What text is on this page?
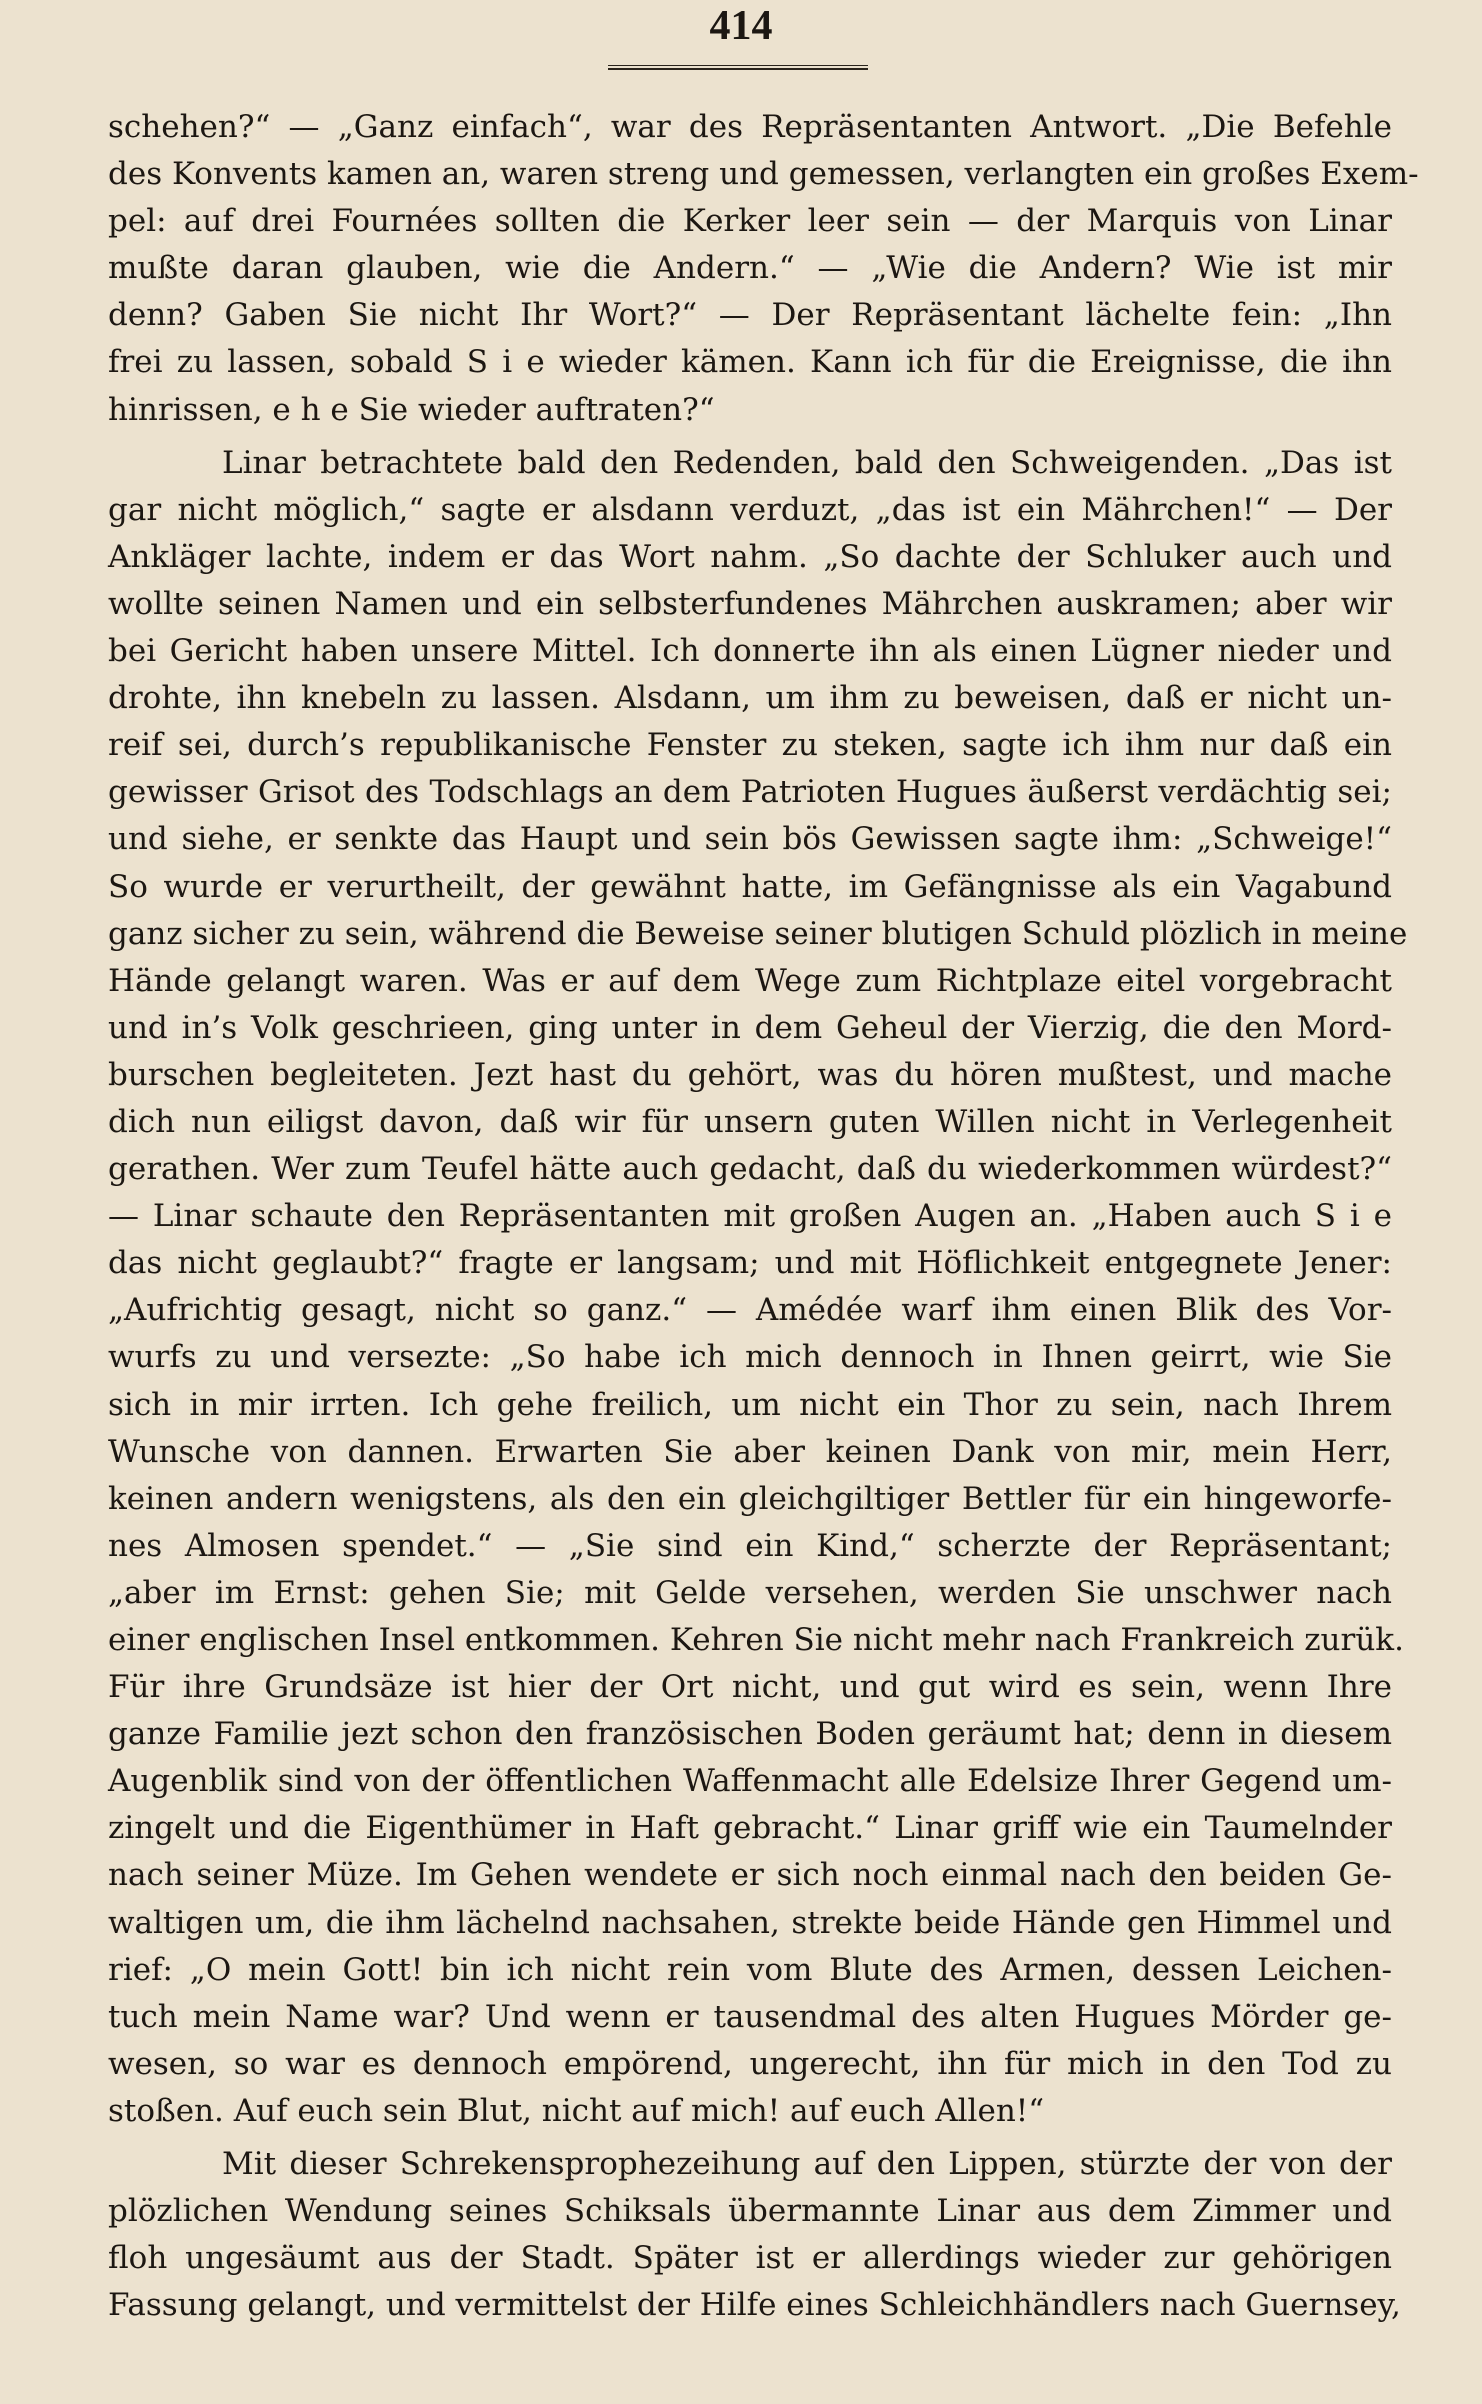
414
schehen?“ — „Ganz einfach“, war des Repräsentanten Antwort. „Die Befehle
des Konvents kamen an, waren streng und gemessen, verlangten ein großes Exem-
pel: auf drei Fournées sollten die Kerker leer sein — der Marquis von Linar
mußte daran glauben, wie die Andern.“ — „Wie die Andern? Wie ist mir
denn? Gaben Sie nicht Ihr Wort?“ — Der Repräsentant lächelte fein: „Ihn
frei zu lassen, sobald S i e wieder kämen. Kann ich für die Ereignisse, die ihn
hinrissen, e h e Sie wieder auftraten?“
Linar betrachtete bald den Redenden, bald den Schweigenden. „Das ist
gar nicht möglich,“ sagte er alsdann verduzt, „das ist ein Mährchen!“ — Der
Ankläger lachte, indem er das Wort nahm. „So dachte der Schluker auch und
wollte seinen Namen und ein selbsterfundenes Mährchen auskramen; aber wir
bei Gericht haben unsere Mittel. Ich donnerte ihn als einen Lügner nieder und
drohte, ihn knebeln zu lassen. Alsdann, um ihm zu beweisen, daß er nicht un-
reif sei, durch’s republikanische Fenster zu steken, sagte ich ihm nur daß ein
gewisser Grisot des Todschlags an dem Patrioten Hugues äußerst verdächtig sei;
und siehe, er senkte das Haupt und sein bös Gewissen sagte ihm: „Schweige!“
So wurde er verurtheilt, der gewähnt hatte, im Gefängnisse als ein Vagabund
ganz sicher zu sein, während die Beweise seiner blutigen Schuld plözlich in meine
Hände gelangt waren. Was er auf dem Wege zum Richtplaze eitel vorgebracht
und in’s Volk geschrieen, ging unter in dem Geheul der Vierzig, die den Mord-
burschen begleiteten. Jezt hast du gehört, was du hören mußtest, und mache
dich nun eiligst davon, daß wir für unsern guten Willen nicht in Verlegenheit
gerathen. Wer zum Teufel hätte auch gedacht, daß du wiederkommen würdest?“
— Linar schaute den Repräsentanten mit großen Augen an. „Haben auch S i e
das nicht geglaubt?“ fragte er langsam; und mit Höflichkeit entgegnete Jener:
„Aufrichtig gesagt, nicht so ganz.“ — Amédée warf ihm einen Blik des Vor-
wurfs zu und versezte: „So habe ich mich dennoch in Ihnen geirrt, wie Sie
sich in mir irrten. Ich gehe freilich, um nicht ein Thor zu sein, nach Ihrem
Wunsche von dannen. Erwarten Sie aber keinen Dank von mir, mein Herr,
keinen andern wenigstens, als den ein gleichgiltiger Bettler für ein hingeworfe-
nes Almosen spendet.“ — „Sie sind ein Kind,“ scherzte der Repräsentant;
„aber im Ernst: gehen Sie; mit Gelde versehen, werden Sie unschwer nach
einer englischen Insel entkommen. Kehren Sie nicht mehr nach Frankreich zurük.
Für ihre Grundsäze ist hier der Ort nicht, und gut wird es sein, wenn Ihre
ganze Familie jezt schon den französischen Boden geräumt hat; denn in diesem
Augenblik sind von der öffentlichen Waffenmacht alle Edelsize Ihrer Gegend um-
zingelt und die Eigenthümer in Haft gebracht.“ Linar griff wie ein Taumelnder
nach seiner Müze. Im Gehen wendete er sich noch einmal nach den beiden Ge-
waltigen um, die ihm lächelnd nachsahen, strekte beide Hände gen Himmel und
rief: „O mein Gott! bin ich nicht rein vom Blute des Armen, dessen Leichen-
tuch mein Name war? Und wenn er tausendmal des alten Hugues Mörder ge-
wesen, so war es dennoch empörend, ungerecht, ihn für mich in den Tod zu
stoßen. Auf euch sein Blut, nicht auf mich! auf euch Allen!“
Mit dieser Schrekensprophezeihung auf den Lippen, stürzte der von der
plözlichen Wendung seines Schiksals übermannte Linar aus dem Zimmer und
floh ungesäumt aus der Stadt. Später ist er allerdings wieder zur gehörigen
Fassung gelangt, und vermittelst der Hilfe eines Schleichhändlers nach Guernsey,
